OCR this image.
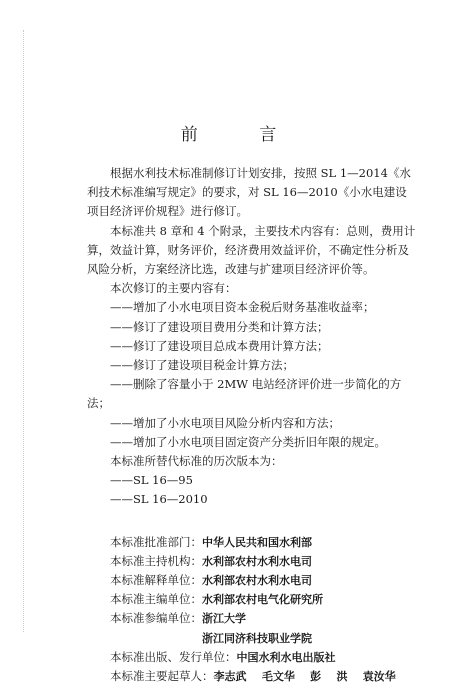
前 言

根据水利技术标准制修订计划安排，按照 SL 1—2014《水利技术标准编写规定》的要求，对 SL 16—2010《小水电建设项目经济评价规程》进行修订。

本标准共 8 章和 4 个附录，主要技术内容有：总则，费用计算，效益计算，财务评价，经济费用效益评价，不确定性分析及风险分析，方案经济比选，改建与扩建项目经济评价等。

本次修订的主要内容有：

——增加了小水电项目资本金税后财务基准收益率；

——修订了建设项目费用分类和计算方法；

——修订了建设项目总成本费用计算方法；

——修订了建设项目税金计算方法；

——删除了容量小于 2MW 电站经济评价进一步简化的方法；

——增加了小水电项目风险分析内容和方法；

——增加了小水电项目固定资产分类折旧年限的规定。

本标准所替代标准的历次版本为：

——SL 16—95

——SL 16—2010

本标准批准部门：中华人民共和国水利部

本标准主持机构：水利部农村水利水电司

本标准解释单位：水利部农村水利水电司

本标准主编单位：水利部农村电气化研究所

本标准参编单位：浙江大学

浙江同济科技职业学院

本标准出版、发行单位：中国水利水电出版社

本标准主要起草人：李志武    毛文华    彭    洪    袁汝华
